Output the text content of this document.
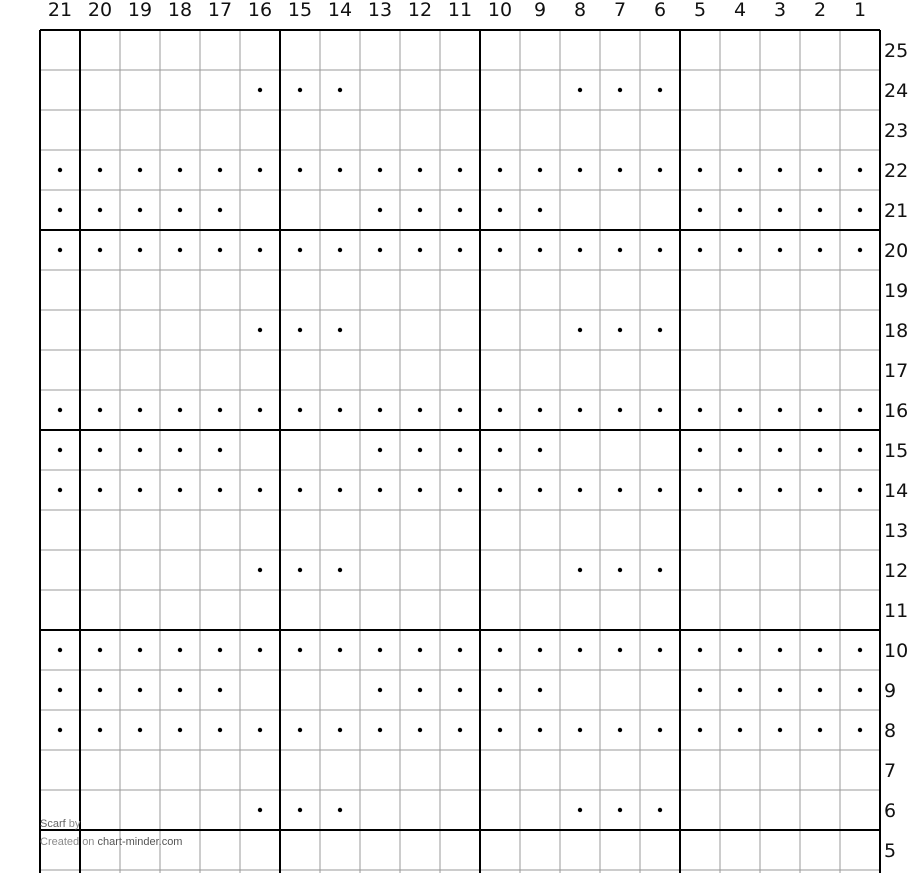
1
2
3
4
5
6
7
8
9
10
11
12
13
14
15
16
17
18
19
20
21
5
6
7
8
9
10
11
12
13
14
15
16
17
18
19
20
21
22
23
24
25
Scarf by
Created on chart-minder.com
